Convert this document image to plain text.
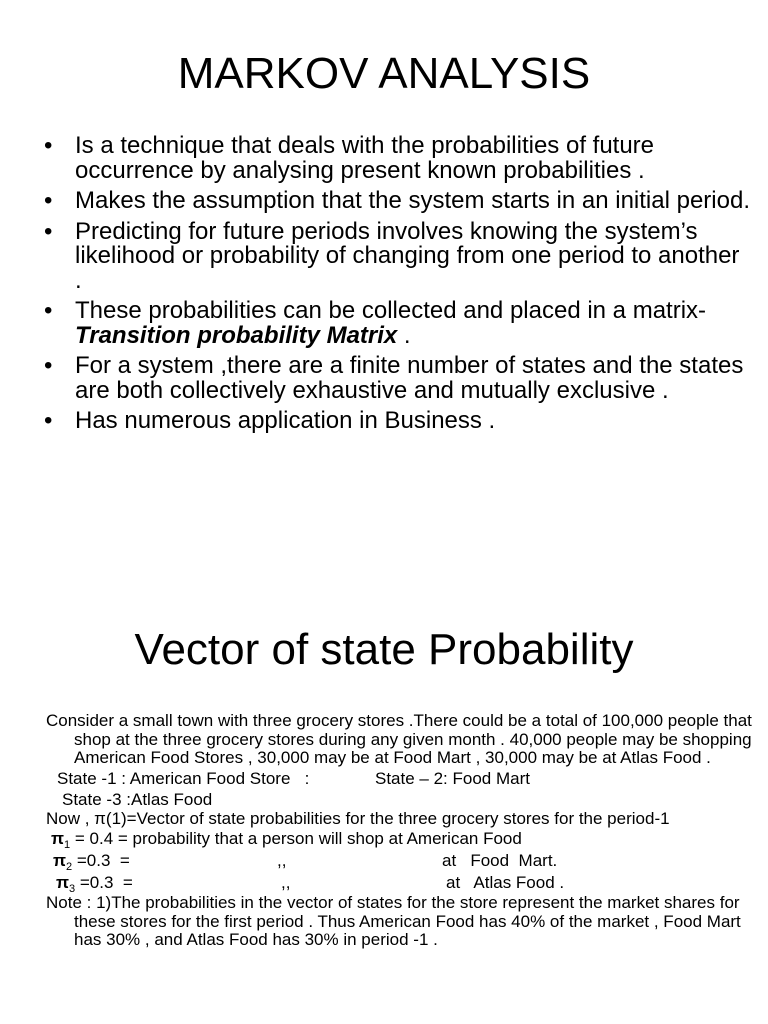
MARKOV ANALYSIS
• Is a technique that deals with the probabilities of future occurrence by analysing present known probabilities .
• Makes the assumption that the system starts in an initial period.
• Predicting for future periods involves knowing the system’s likelihood or probability of changing from one period to another .
• These probabilities can be collected and placed in a matrix- Transition probability Matrix .
• For a system ,there are a finite number of states and the states are both collectively exhaustive and mutually exclusive .
• Has numerous application in Business .
Vector of state Probability

Consider a small town with three grocery stores .There could be a total of 100,000 people that shop at the three grocery stores during any given month . 40,000 people may be shopping American Food Stores , 30,000 may be at Food Mart , 30,000 may be at Atlas Food .

State -1 : American Food Store   :	State – 2: Food Mart
State -3 :Atlas Food

Now , π(1)=Vector of state probabilities for the three grocery stores for the period-1

$\pi_1 = 0.4$ = probability that a person will shop at American Food
$\pi_2 =0.3$  =	,,	at   Food  Mart.
$\pi_3 =0.3$  =	,,	at   Atlas Food .

Note : 1)The probabilities in the vector of states for the store represent the market shares for these stores for the first period . Thus American Food has 40% of the market , Food Mart has 30% , and Atlas Food has 30% in period -1 .
